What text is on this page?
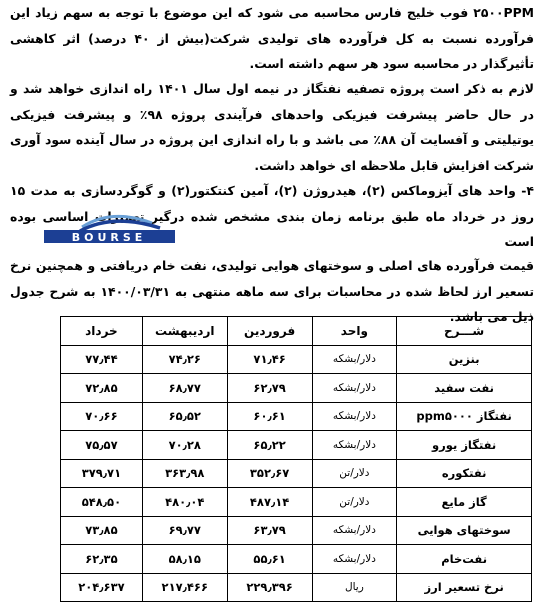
۲۵۰۰PPM فوب خلیج فارس محاسبه می شود که این موضوع با توجه به سهم زیاد این فرآورده نسبت به کل فرآورده های تولیدی شرکت(بیش از ۴۰ درصد) اثر کاهشی تأثیرگذار در محاسبه سود هر سهم داشته است.

لازم به ذکر است پروژه تصفیه نفتگاز در نیمه اول سال ۱۴۰۱ راه اندازی خواهد شد و در حال حاضر پیشرفت فیزیکی واحدهای فرآیندی پروژه ۹۸٪ و پیشرفت فیزیکی یوتیلیتی و آفسایت آن ۸۸٪ می باشد و با راه اندازی این پروژه در سال آینده سود آوری شرکت افزایش قابل ملاحظه ای خواهد داشت.

۴- واحد های آیزوماکس (۲)، هیدروژن (۲)، آمین کنتکتور(۲) و گوگردسازی به مدت ۱۵ روز در خرداد ماه طبق برنامه زمان بندی مشخص شده درگیر تعمیرات اساسی بوده است

BOURSE

قیمت فرآورده های اصلی و سوختهای هوایی تولیدی، نفت خام دریافتی و همچنین نرخ تسعیر ارز لحاظ شده در محاسبات برای سه ماهه منتهی به ۱۴۰۰/۰۳/۳۱ به شرح جدول ذیل می باشد.

شـــرح	واحد	فروردین	اردیبهشت	خرداد
بنزین	دلار/بشکه	۷۱٫۴۶	۷۴٫۲۶	۷۷٫۴۴
نفت سفید	دلار/بشکه	۶۲٫۷۹	۶۸٫۷۷	۷۲٫۸۵
نفتگاز ppm۵۰۰۰	دلار/بشکه	۶۰٫۶۱	۶۵٫۵۲	۷۰٫۶۶
نفتگاز یورو	دلار/بشکه	۶۵٫۲۲	۷۰٫۲۸	۷۵٫۵۷
نفتکوره	دلار/تن	۳۵۲٫۶۷	۳۶۳٫۹۸	۳۷۹٫۷۱
گاز مایع	دلار/تن	۴۸۷٫۱۴	۴۸۰٫۰۴	۵۴۸٫۵۰
سوختهای هوایی	دلار/بشکه	۶۳٫۷۹	۶۹٫۷۷	۷۳٫۸۵
نفت‌خام	دلار/بشکه	۵۵٫۶۱	۵۸٫۱۵	۶۲٫۳۵
نرخ تسعیر ارز	ریال	۲۲۹٫۳۹۶	۲۱۷٫۴۶۶	۲۰۴٫۶۳۷
